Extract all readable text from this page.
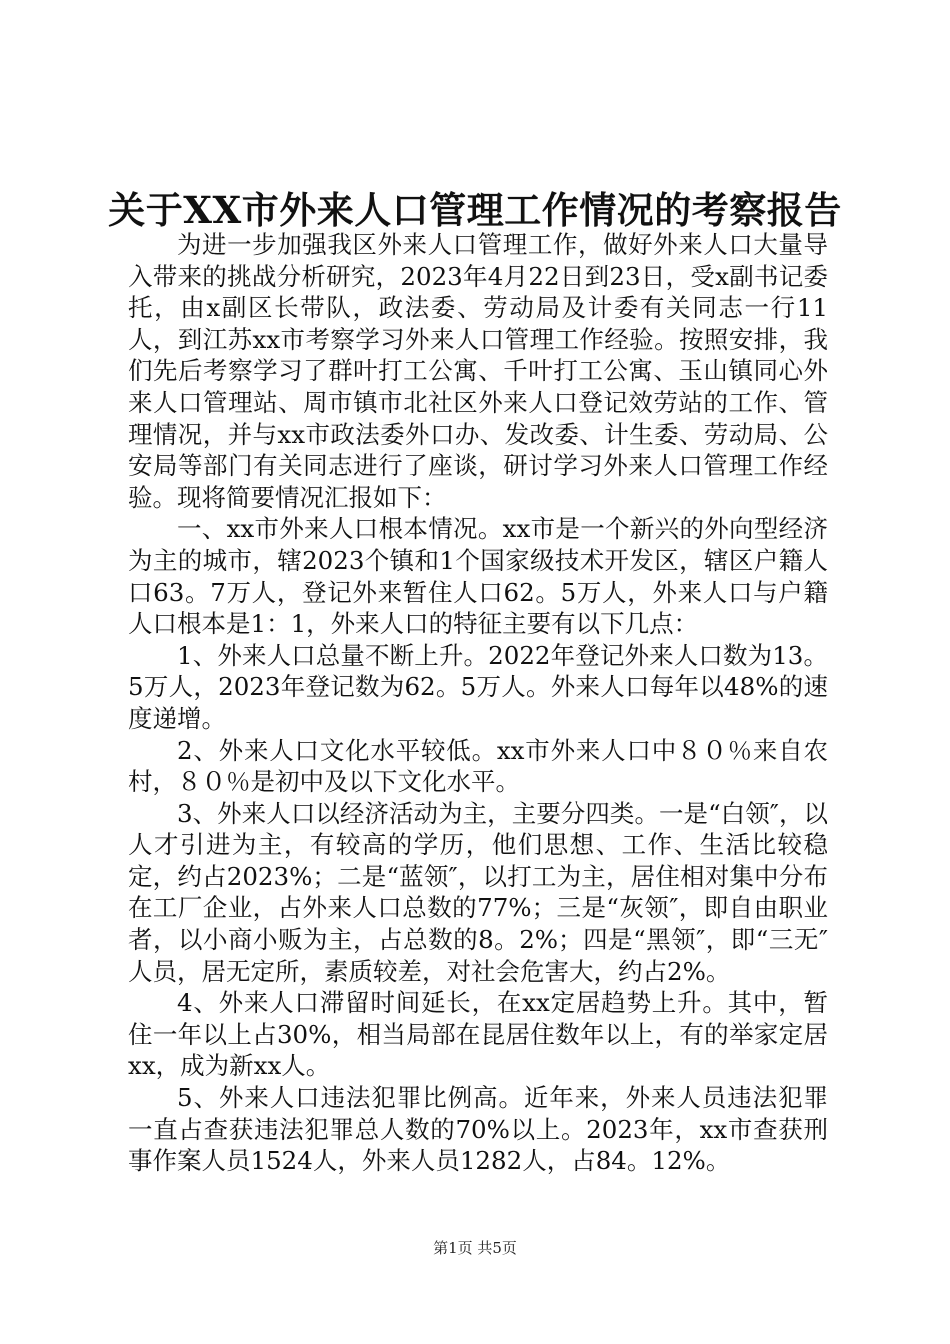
关于XX市外来人口管理工作情况的考察报告

为进一步加强我区外来人口管理工作，做好外来人口大量导入带来的挑战分析研究，2023年4月22日到23日，受x副书记委托，由x副区长带队，政法委、劳动局及计委有关同志一行11人，到江苏xx市考察学习外来人口管理工作经验。按照安排，我们先后考察学习了群叶打工公寓、千叶打工公寓、玉山镇同心外来人口管理站、周市镇市北社区外来人口登记效劳站的工作、管理情况，并与xx市政法委外口办、发改委、计生委、劳动局、公安局等部门有关同志进行了座谈，研讨学习外来人口管理工作经验。现将简要情况汇报如下：

一、xx市外来人口根本情况。xx市是一个新兴的外向型经济为主的城市，辖2023个镇和1个国家级技术开发区，辖区户籍人口63。7万人，登记外来暂住人口62。5万人，外来人口与户籍人口根本是1：1，外来人口的特征主要有以下几点：

1、外来人口总量不断上升。2022年登记外来人口数为13。5万人，2023年登记数为62。5万人。外来人口每年以48%的速度递增。

2、外来人口文化水平较低。xx市外来人口中８０％来自农村，８０％是初中及以下文化水平。

3、外来人口以经济活动为主，主要分四类。一是“白领″，以人才引进为主，有较高的学历，他们思想、工作、生活比较稳定，约占2023%；二是“蓝领″，以打工为主，居住相对集中分布在工厂企业，占外来人口总数的77%；三是“灰领″，即自由职业者，以小商小贩为主，占总数的8。2%；四是“黑领″，即“三无″人员，居无定所，素质较差，对社会危害大，约占2%。

4、外来人口滞留时间延长，在xx定居趋势上升。其中，暂住一年以上占30%，相当局部在昆居住数年以上，有的举家定居xx，成为新xx人。

5、外来人口违法犯罪比例高。近年来，外来人员违法犯罪一直占查获违法犯罪总人数的70%以上。2023年，xx市查获刑事作案人员1524人，外来人员1282人，占84。12%。

第1页 共5页
